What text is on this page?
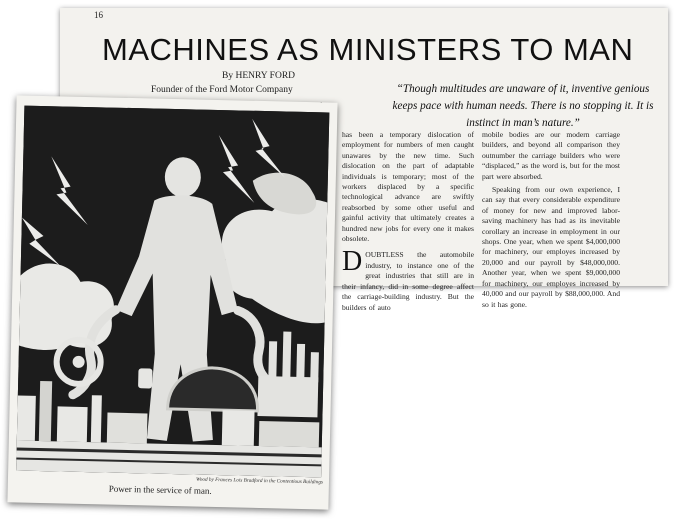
16
MACHINES AS MINISTERS TO MAN
By HENRY FORD
Founder of the Ford Motor Company	“Though multitudes are unaware of it, inventive genious keeps pace with human needs. There is no stopping it. It is instinct in man’s nature.”

has been a temporary dislocation of employment for numbers of men caught unawares by the new time. Such dislocation on the part of adaptable individuals is temporary; most of the workers displaced by a specific technological advance are swiftly reabsorbed by some other useful and gainful activity that ultimately creates a hundred new jobs for every one it makes obsolete.

DOUBTLESS the automobile industry, to instance one of the great industries that still are in their infancy, did in some degree affect the carriage-building industry. But the builders of auto

mobile bodies are our modern carriage builders, and beyond all comparison they outnumber the carriage builders who were “displaced,” as the word is, but for the most part were absorbed.

Speaking from our own experience, I can say that every considerable expenditure of money for new and improved labor-saving machinery has had as its inevitable corollary an increase in employment in our shops. One year, when we spent $4,000,000 for machinery, our employes increased by 20,000 and our payroll by $48,000,000. Another year, when we spent $9,000,000 for machinery, our employes increased by 40,000 and our payroll by $88,000,000. And so it has gone.

Wood by Frances Lois Bradford in the Contentious Buildings
Power in the service of man.
